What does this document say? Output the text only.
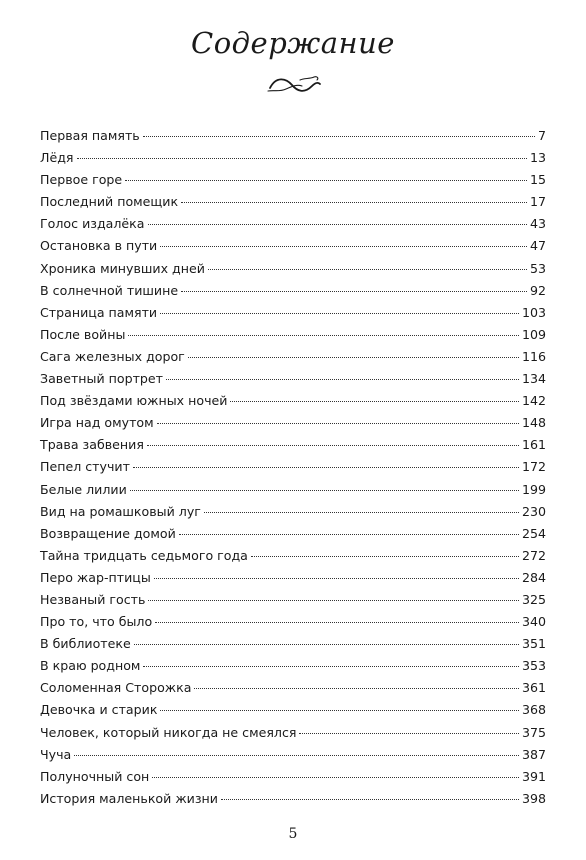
Содержание
Первая память	7
Лёдя	13
Первое горе	15
Последний помещик	17
Голос издалёка	43
Остановка в пути	47
Хроника минувших дней	53
В солнечной тишине	92
Страница памяти	103
После войны	109
Сага железных дорог	116
Заветный портрет	134
Под звёздами южных ночей	142
Игра над омутом	148
Трава забвения	161
Пепел стучит	172
Белые лилии	199
Вид на ромашковый луг	230
Возвращение домой	254
Тайна тридцать седьмого года	272
Перо жар-птицы	284
Незваный гость	325
Про то, что было	340
В библиотеке	351
В краю родном	353
Соломенная Сторожка	361
Девочка и старик	368
Человек, который никогда не смеялся	375
Чуча	387
Полуночный сон	391
История маленькой жизни	398
5
